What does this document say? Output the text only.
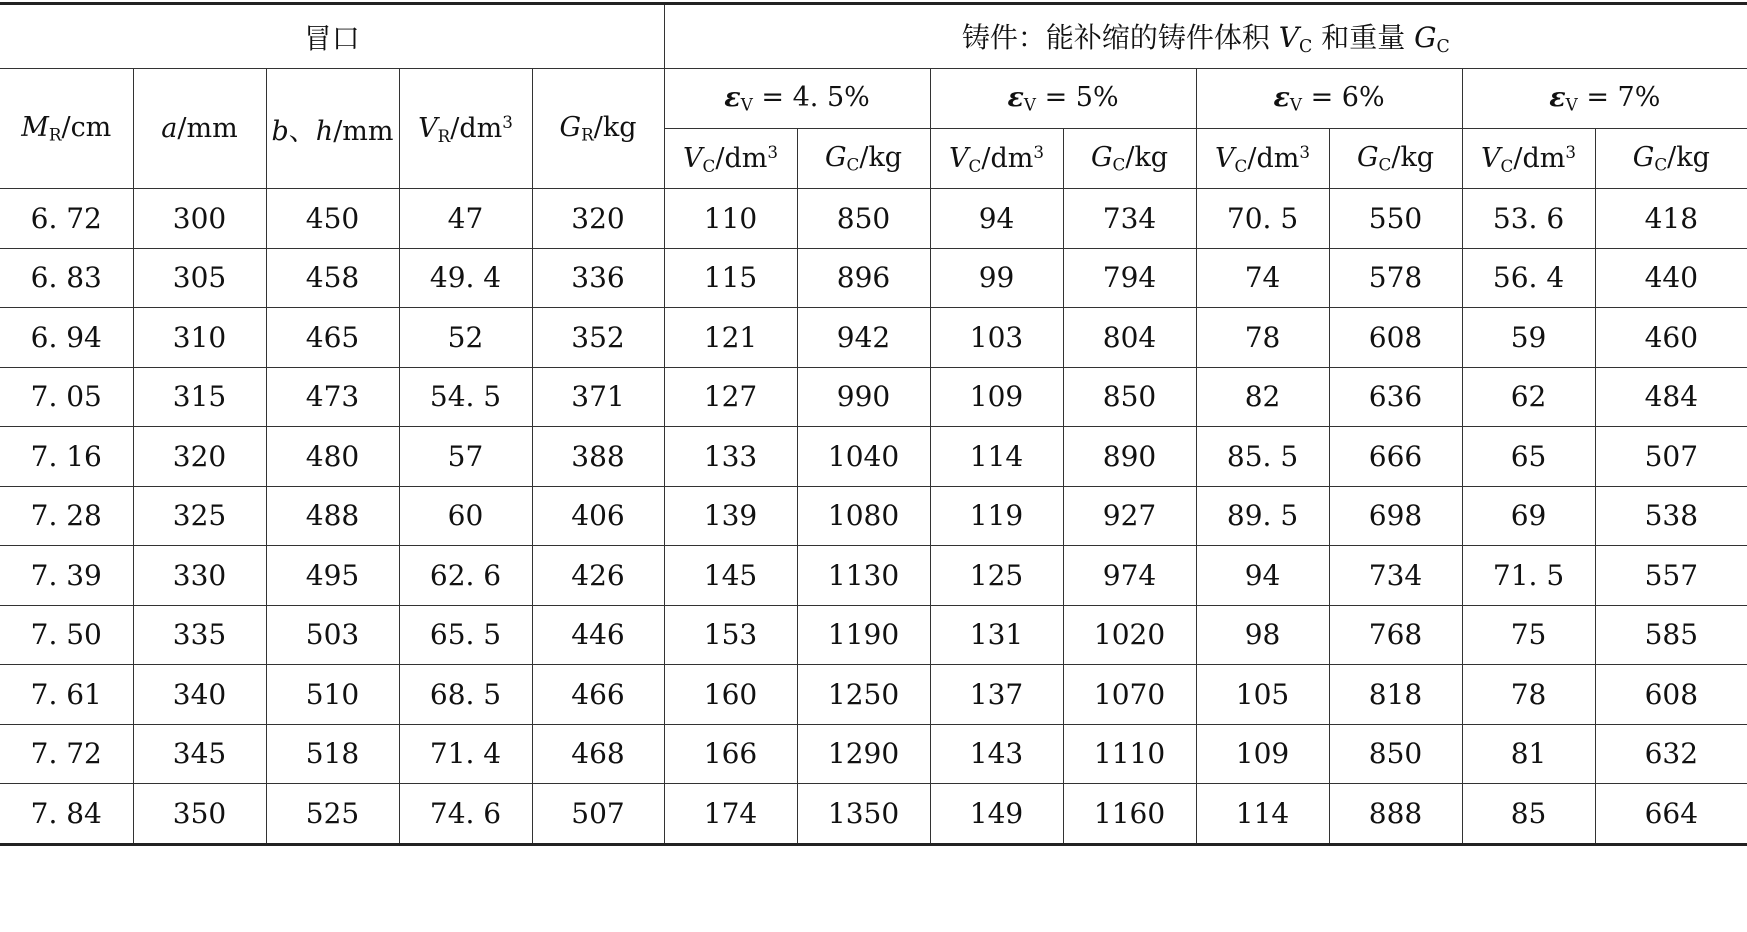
冒口					铸件：能补缩的铸件体积 $V_C$ 和重量 $G_C$
$M_R/cm$	a/mm	b、h/mm	$V_R/dm^3$	$G_R/kg$	$\varepsilon_V = 4$. 5%		$\varepsilon_V = 5\%$		$\varepsilon_V = 6\%$		$\varepsilon_V = 7\%$	
					$V_C/dm^3$	$G_C/kg$	$V_C/dm^3$	$G_C/kg$	$V_C/dm^3$	$G_C/kg$	$V_C/dm^3$	$G_C/kg$
6. 72	300	450	47	320	110	850	94	734	70. 5	550	53. 6	418
6. 83	305	458	49. 4	336	115	896	99	794	74	578	56. 4	440
6. 94	310	465	52	352	121	942	103	804	78	608	59	460
7. 05	315	473	54. 5	371	127	990	109	850	82	636	62	484
7. 16	320	480	57	388	133	1040	114	890	85. 5	666	65	507
7. 28	325	488	60	406	139	1080	119	927	89. 5	698	69	538
7. 39	330	495	62. 6	426	145	1130	125	974	94	734	71. 5	557
7. 50	335	503	65. 5	446	153	1190	131	1020	98	768	75	585
7. 61	340	510	68. 5	466	160	1250	137	1070	105	818	78	608
7. 72	345	518	71. 4	468	166	1290	143	1110	109	850	81	632
7. 84	350	525	74. 6	507	174	1350	149	1160	114	888	85	664
